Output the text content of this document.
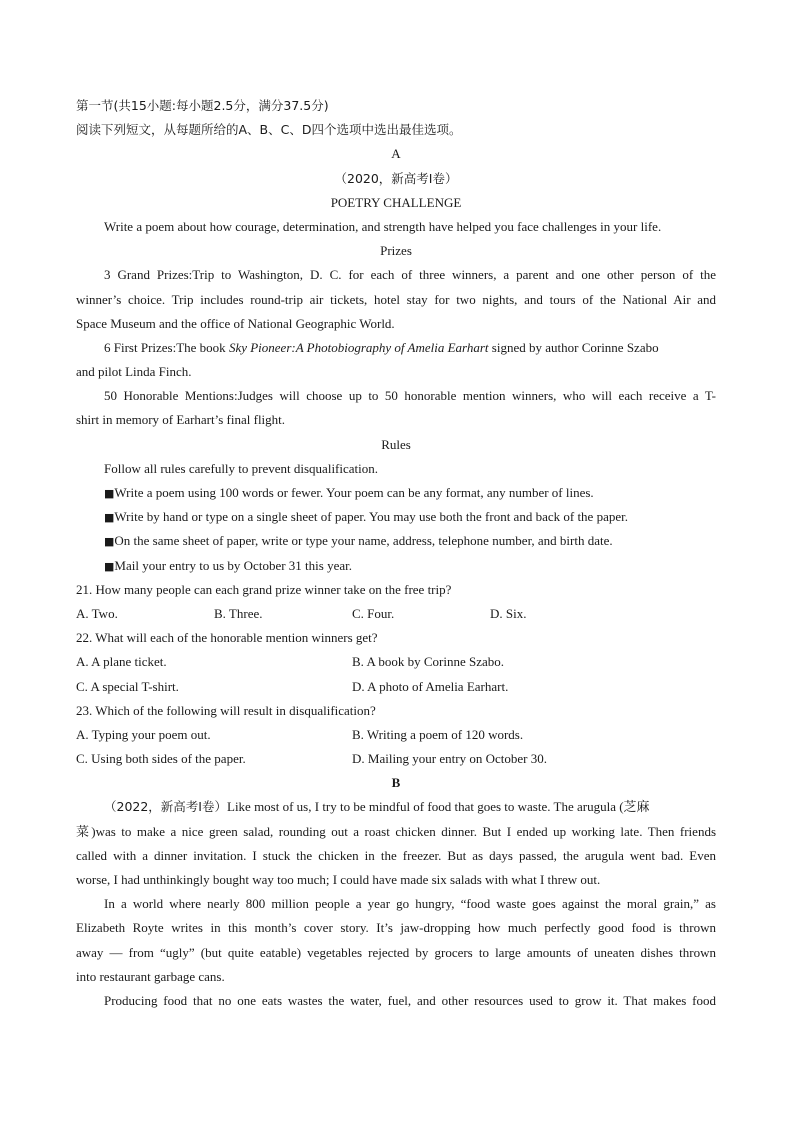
第一节(共15小题:每小题2.5分，满分37.5分)
阅读下列短文，从每题所给的A、B、C、D四个选项中选出最佳选项。
A
（2020，新高考Ⅰ卷）
POETRY CHALLENGE
Write a poem about how courage, determination, and strength have helped you face challenges in your life.
Prizes
3 Grand Prizes:Trip to Washington, D. C. for each of three winners, a parent and one other person of the
winner’s choice. Trip includes round-trip air tickets, hotel stay for two nights, and tours of the National Air and
Space Museum and the office of National Geographic World.
6 First Prizes:The book Sky Pioneer:A Photobiography of Amelia Earhart signed by author Corinne Szabo
and pilot Linda Finch.
50 Honorable Mentions:Judges will choose up to 50 honorable mention winners, who will each receive a T-
shirt in memory of Earhart’s final flight.
Rules
Follow all rules carefully to prevent disqualification.
■Write a poem using 100 words or fewer. Your poem can be any format, any number of lines.
■Write by hand or type on a single sheet of paper. You may use both the front and back of the paper.
■On the same sheet of paper, write or type your name, address, telephone number, and birth date.
■Mail your entry to us by October 31 this year.
21. How many people can each grand prize winner take on the free trip?
A. Two.	B. Three.	C. Four.	D. Six.
22. What will each of the honorable mention winners get?
A. A plane ticket.	B. A book by Corinne Szabo.
C. A special T-shirt.	D. A photo of Amelia Earhart.
23. Which of the following will result in disqualification?
A. Typing your poem out.	B. Writing a poem of 120 words.
C. Using both sides of the paper.	D. Mailing your entry on October 30.
B
（2022，新高考Ⅰ卷）Like most of us, I try to be mindful of food that goes to waste. The arugula (芝麻
菜)was to make a nice green salad, rounding out a roast chicken dinner. But I ended up working late. Then friends
called with a dinner invitation. I stuck the chicken in the freezer. But as days passed, the arugula went bad. Even
worse, I had unthinkingly bought way too much; I could have made six salads with what I threw out.
In a world where nearly 800 million people a year go hungry, “food waste goes against the moral grain,” as
Elizabeth Royte writes in this month’s cover story. It’s jaw-dropping how much perfectly good food is thrown
away — from “ugly” (but quite eatable) vegetables rejected by grocers to large amounts of uneaten dishes thrown
into restaurant garbage cans.
Producing food that no one eats wastes the water, fuel, and other resources used to grow it. That makes food
